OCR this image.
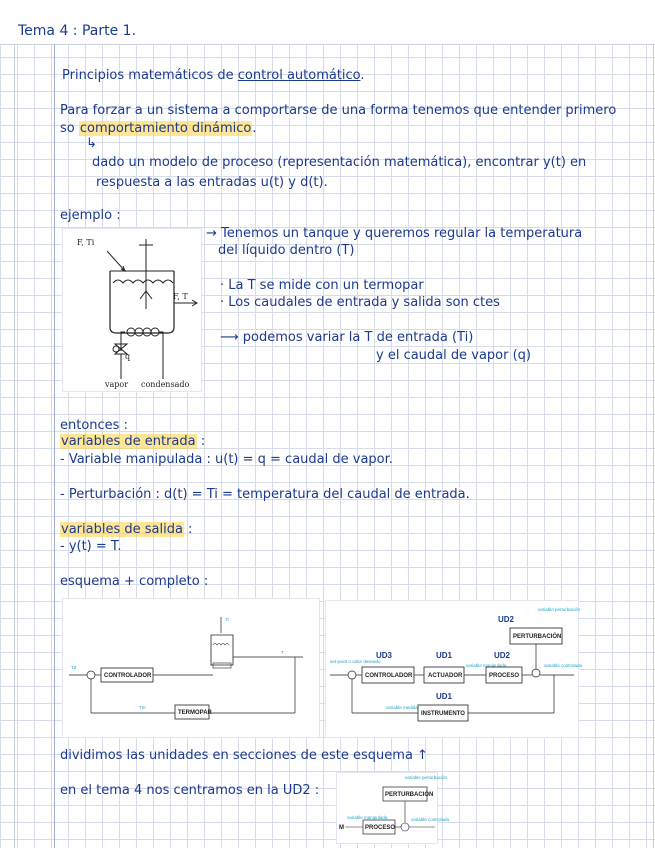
Tema 4 : Parte 1.
Principios matemáticos de control automático.
Para forzar a un sistema a comportarse de una forma tenemos que entender primero
so comportamiento dinámico.
↳
dado un modelo de proceso (representación matemática), encontrar y(t) en
respuesta a las entradas u(t) y d(t).
ejemplo :
F, Ti
F, T
q
vapor condensado
→ Tenemos un tanque y queremos regular la temperatura
del líquido dentro (T)
· La T se mide con un termopar
· Los caudales de entrada y salida son ctes
⟶ podemos variar la T de entrada (Ti)
y el caudal de vapor (q)
entonces :
variables de entrada :
- Variable manipulada : u(t) = q = caudal de vapor.
- Perturbación : d(t) = Ti = temperatura del caudal de entrada.
variables de salida :
- y(t) = T.
esquema + completo :
Ti
Td
CONTROLADOR
T
TERMOPAR
Tm
UD2
variable perturbación
PERTURBACIÓN
UD3	UD1	UD2
set-point o valor deseado
CONTROLADOR	ACTUADOR
variable manipulada
PROCESO
variable controlada
UD1
INSTRUMENTO
variable medida
dividimos las unidades en secciones de este esquema ↑
en el tema 4 nos centramos en la UD2 :
variable perturbación
PERTURBACIÓN
M
variable manipulada
PROCESO
variable controlada
